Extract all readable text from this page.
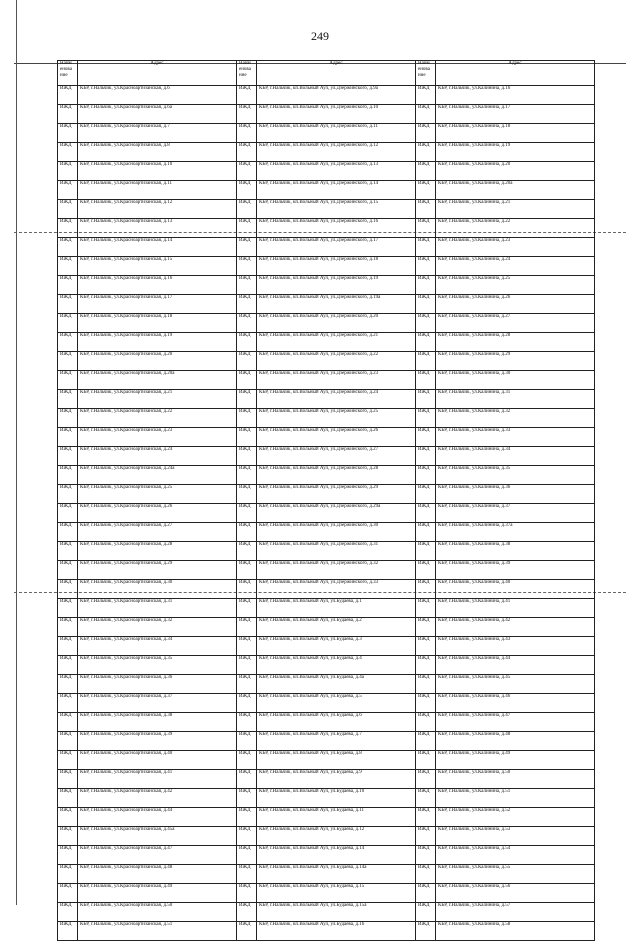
249
Наим енова ние	Адрес	Наим енова ние	Адрес	Наим енова ние	Адрес
ИЖД	КБР, г.Нальчик, ул.Красноартизанская, д.6	ИЖД	КБР, г.Нальчик, кп.Вольный Аул, ул.Дзержинского, д.9а	ИЖД	КБР, г.Нальчик, ул.Калинина, д.16
ИЖД	КБР, г.Нальчик, ул.Красноартизанская, д.6а	ИЖД	КБР, г.Нальчик, кп.Вольный Аул, ул.Дзержинского, д.10	ИЖД	КБР, г.Нальчик, ул.Калинина, д.17
ИЖД	КБР, г.Нальчик, ул.Красноартизанская, д.7	ИЖД	КБР, г.Нальчик, кп.Вольный Аул, ул.Дзержинского, д.11	ИЖД	КБР, г.Нальчик, ул.Калинина, д.18
ИЖД	КБР, г.Нальчик, ул.Красноартизанская, д.8	ИЖД	КБР, г.Нальчик, кп.Вольный Аул, ул.Дзержинского, д.12	ИЖД	КБР, г.Нальчик, ул.Калинина, д.19
ИЖД	КБР, г.Нальчик, ул.Красноартизанская, д.10	ИЖД	КБР, г.Нальчик, кп.Вольный Аул, ул.Дзержинского, д.13	ИЖД	КБР, г.Нальчик, ул.Калинина, д.20
ИЖД	КБР, г.Нальчик, ул.Красноартизанская, д.11	ИЖД	КБР, г.Нальчик, кп.Вольный Аул, ул.Дзержинского, д.14	ИЖД	КБР, г.Нальчик, ул.Калинина, д.20а
ИЖД	КБР, г.Нальчик, ул.Красноартизанская, д.12	ИЖД	КБР, г.Нальчик, кп.Вольный Аул, ул.Дзержинского, д.15	ИЖД	КБР, г.Нальчик, ул.Калинина, д.21
ИЖД	КБР, г.Нальчик, ул.Красноартизанская, д.13	ИЖД	КБР, г.Нальчик, кп.Вольный Аул, ул.Дзержинского, д.16	ИЖД	КБР, г.Нальчик, ул.Калинина, д.22
ИЖД	КБР, г.Нальчик, ул.Красноартизанская, д.14	ИЖД	КБР, г.Нальчик, кп.Вольный Аул, ул.Дзержинского, д.17	ИЖД	КБР, г.Нальчик, ул.Калинина, д.23
ИЖД	КБР, г.Нальчик, ул.Красноартизанская, д.15	ИЖД	КБР, г.Нальчик, кп.Вольный Аул, ул.Дзержинского, д.18	ИЖД	КБР, г.Нальчик, ул.Калинина, д.24
ИЖД	КБР, г.Нальчик, ул.Красноартизанская, д.16	ИЖД	КБР, г.Нальчик, кп.Вольный Аул, ул.Дзержинского, д.19	ИЖД	КБР, г.Нальчик, ул.Калинина, д.25
ИЖД	КБР, г.Нальчик, ул.Красноартизанская, д.17	ИЖД	КБР, г.Нальчик, кп.Вольный Аул, ул.Дзержинского, д.19а	ИЖД	КБР, г.Нальчик, ул.Калинина, д.26
ИЖД	КБР, г.Нальчик, ул.Красноартизанская, д.18	ИЖД	КБР, г.Нальчик, кп.Вольный Аул, ул.Дзержинского, д.20	ИЖД	КБР, г.Нальчик, ул.Калинина, д.27
ИЖД	КБР, г.Нальчик, ул.Красноартизанская, д.19	ИЖД	КБР, г.Нальчик, кп.Вольный Аул, ул.Дзержинского, д.21	ИЖД	КБР, г.Нальчик, ул.Калинина, д.28
ИЖД	КБР, г.Нальчик, ул.Красноартизанская, д.20	ИЖД	КБР, г.Нальчик, кп.Вольный Аул, ул.Дзержинского, д.22	ИЖД	КБР, г.Нальчик, ул.Калинина, д.29
ИЖД	КБР, г.Нальчик, ул.Красноартизанская, д.20а	ИЖД	КБР, г.Нальчик, кп.Вольный Аул, ул.Дзержинского, д.23	ИЖД	КБР, г.Нальчик, ул.Калинина, д.30
ИЖД	КБР, г.Нальчик, ул.Красноартизанская, д.21	ИЖД	КБР, г.Нальчик, кп.Вольный Аул, ул.Дзержинского, д.24	ИЖД	КБР, г.Нальчик, ул.Калинина, д.31
ИЖД	КБР, г.Нальчик, ул.Красноартизанская, д.22	ИЖД	КБР, г.Нальчик, кп.Вольный Аул, ул.Дзержинского, д.25	ИЖД	КБР, г.Нальчик, ул.Калинина, д.32
ИЖД	КБР, г.Нальчик, ул.Красноартизанская, д.23	ИЖД	КБР, г.Нальчик, кп.Вольный Аул, ул.Дзержинского, д.26	ИЖД	КБР, г.Нальчик, ул.Калинина, д.33
ИЖД	КБР, г.Нальчик, ул.Красноартизанская, д.24	ИЖД	КБР, г.Нальчик, кп.Вольный Аул, ул.Дзержинского, д.27	ИЖД	КБР, г.Нальчик, ул.Калинина, д.34
ИЖД	КБР, г.Нальчик, ул.Красноартизанская, д.24а	ИЖД	КБР, г.Нальчик, кп.Вольный Аул, ул.Дзержинского, д.28	ИЖД	КБР, г.Нальчик, ул.Калинина, д.35
ИЖД	КБР, г.Нальчик, ул.Красноартизанская, д.25	ИЖД	КБР, г.Нальчик, кп.Вольный Аул, ул.Дзержинского, д.29	ИЖД	КБР, г.Нальчик, ул.Калинина, д.36
ИЖД	КБР, г.Нальчик, ул.Красноартизанская, д.26	ИЖД	КБР, г.Нальчик, кп.Вольный Аул, ул.Дзержинского, д.29а	ИЖД	КБР, г.Нальчик, ул.Калинина, д.37
ИЖД	КБР, г.Нальчик, ул.Красноартизанская, д.27	ИЖД	КБР, г.Нальчик, кп.Вольный Аул, ул.Дзержинского, д.30	ИЖД	КБР, г.Нальчик, ул.Калинина, д.37а
ИЖД	КБР, г.Нальчик, ул.Красноартизанская, д.28	ИЖД	КБР, г.Нальчик, кп.Вольный Аул, ул.Дзержинского, д.31	ИЖД	КБР, г.Нальчик, ул.Калинина, д.38
ИЖД	КБР, г.Нальчик, ул.Красноартизанская, д.29	ИЖД	КБР, г.Нальчик, кп.Вольный Аул, ул.Дзержинского, д.32	ИЖД	КБР, г.Нальчик, ул.Калинина, д.39
ИЖД	КБР, г.Нальчик, ул.Красноартизанская, д.30	ИЖД	КБР, г.Нальчик, кп.Вольный Аул, ул.Дзержинского, д.33	ИЖД	КБР, г.Нальчик, ул.Калинина, д.40
ИЖД	КБР, г.Нальчик, ул.Красноартизанская, д.31	ИЖД	КБР, г.Нальчик, кп.Вольный Аул, ул.Будаева, д.1	ИЖД	КБР, г.Нальчик, ул.Калинина, д.41
ИЖД	КБР, г.Нальчик, ул.Красноартизанская, д.32	ИЖД	КБР, г.Нальчик, кп.Вольный Аул, ул.Будаева, д.2	ИЖД	КБР, г.Нальчик, ул.Калинина, д.42
ИЖД	КБР, г.Нальчик, ул.Красноартизанская, д.34	ИЖД	КБР, г.Нальчик, кп.Вольный Аул, ул.Будаева, д.3	ИЖД	КБР, г.Нальчик, ул.Калинина, д.43
ИЖД	КБР, г.Нальчик, ул.Красноартизанская, д.35	ИЖД	КБР, г.Нальчик, кп.Вольный Аул, ул.Будаева, д.4	ИЖД	КБР, г.Нальчик, ул.Калинина, д.44
ИЖД	КБР, г.Нальчик, ул.Красноартизанская, д.36	ИЖД	КБР, г.Нальчик, кп.Вольный Аул, ул.Будаева, д.4а	ИЖД	КБР, г.Нальчик, ул.Калинина, д.45
ИЖД	КБР, г.Нальчик, ул.Красноартизанская, д.37	ИЖД	КБР, г.Нальчик, кп.Вольный Аул, ул.Будаева, д.5	ИЖД	КБР, г.Нальчик, ул.Калинина, д.46
ИЖД	КБР, г.Нальчик, ул.Красноартизанская, д.38	ИЖД	КБР, г.Нальчик, кп.Вольный Аул, ул.Будаева, д.6	ИЖД	КБР, г.Нальчик, ул.Калинина, д.47
ИЖД	КБР, г.Нальчик, ул.Красноартизанская, д.39	ИЖД	КБР, г.Нальчик, кп.Вольный Аул, ул.Будаева, д.7	ИЖД	КБР, г.Нальчик, ул.Калинина, д.48
ИЖД	КБР, г.Нальчик, ул.Красноартизанская, д.40	ИЖД	КБР, г.Нальчик, кп.Вольный Аул, ул.Будаева, д.8	ИЖД	КБР, г.Нальчик, ул.Калинина, д.49
ИЖД	КБР, г.Нальчик, ул.Красноартизанская, д.41	ИЖД	КБР, г.Нальчик, кп.Вольный Аул, ул.Будаева, д.9	ИЖД	КБР, г.Нальчик, ул.Калинина, д.50
ИЖД	КБР, г.Нальчик, ул.Красноартизанская, д.42	ИЖД	КБР, г.Нальчик, кп.Вольный Аул, ул.Будаева, д.10	ИЖД	КБР, г.Нальчик, ул.Калинина, д.51
ИЖД	КБР, г.Нальчик, ул.Красноартизанская, д.44	ИЖД	КБР, г.Нальчик, кп.Вольный Аул, ул.Будаева, д.11	ИЖД	КБР, г.Нальчик, ул.Калинина, д.52
ИЖД	КБР, г.Нальчик, ул.Красноартизанская, д.45а	ИЖД	КБР, г.Нальчик, кп.Вольный Аул, ул.Будаева, д.12	ИЖД	КБР, г.Нальчик, ул.Калинина, д.53
ИЖД	КБР, г.Нальчик, ул.Красноартизанская, д.47	ИЖД	КБР, г.Нальчик, кп.Вольный Аул, ул.Будаева, д.14	ИЖД	КБР, г.Нальчик, ул.Калинина, д.54
ИЖД	КБР, г.Нальчик, ул.Красноартизанская, д.48	ИЖД	КБР, г.Нальчик, кп.Вольный Аул, ул.Будаева, д.14а	ИЖД	КБР, г.Нальчик, ул.Калинина, д.55
ИЖД	КБР, г.Нальчик, ул.Красноартизанская, д.49	ИЖД	КБР, г.Нальчик, кп.Вольный Аул, ул.Будаева, д.15	ИЖД	КБР, г.Нальчик, ул.Калинина, д.56
ИЖД	КБР, г.Нальчик, ул.Красноартизанская, д.50	ИЖД	КБР, г.Нальчик, кп.Вольный Аул, ул.Будаева, д.15а	ИЖД	КБР, г.Нальчик, ул.Калинина, д.57
ИЖД	КБР, г.Нальчик, ул.Красноартизанская, д.51	ИЖД	КБР, г.Нальчик, кп.Вольный Аул, ул.Будаева, д.16	ИЖД	КБР, г.Нальчик, ул.Калинина, д.58
